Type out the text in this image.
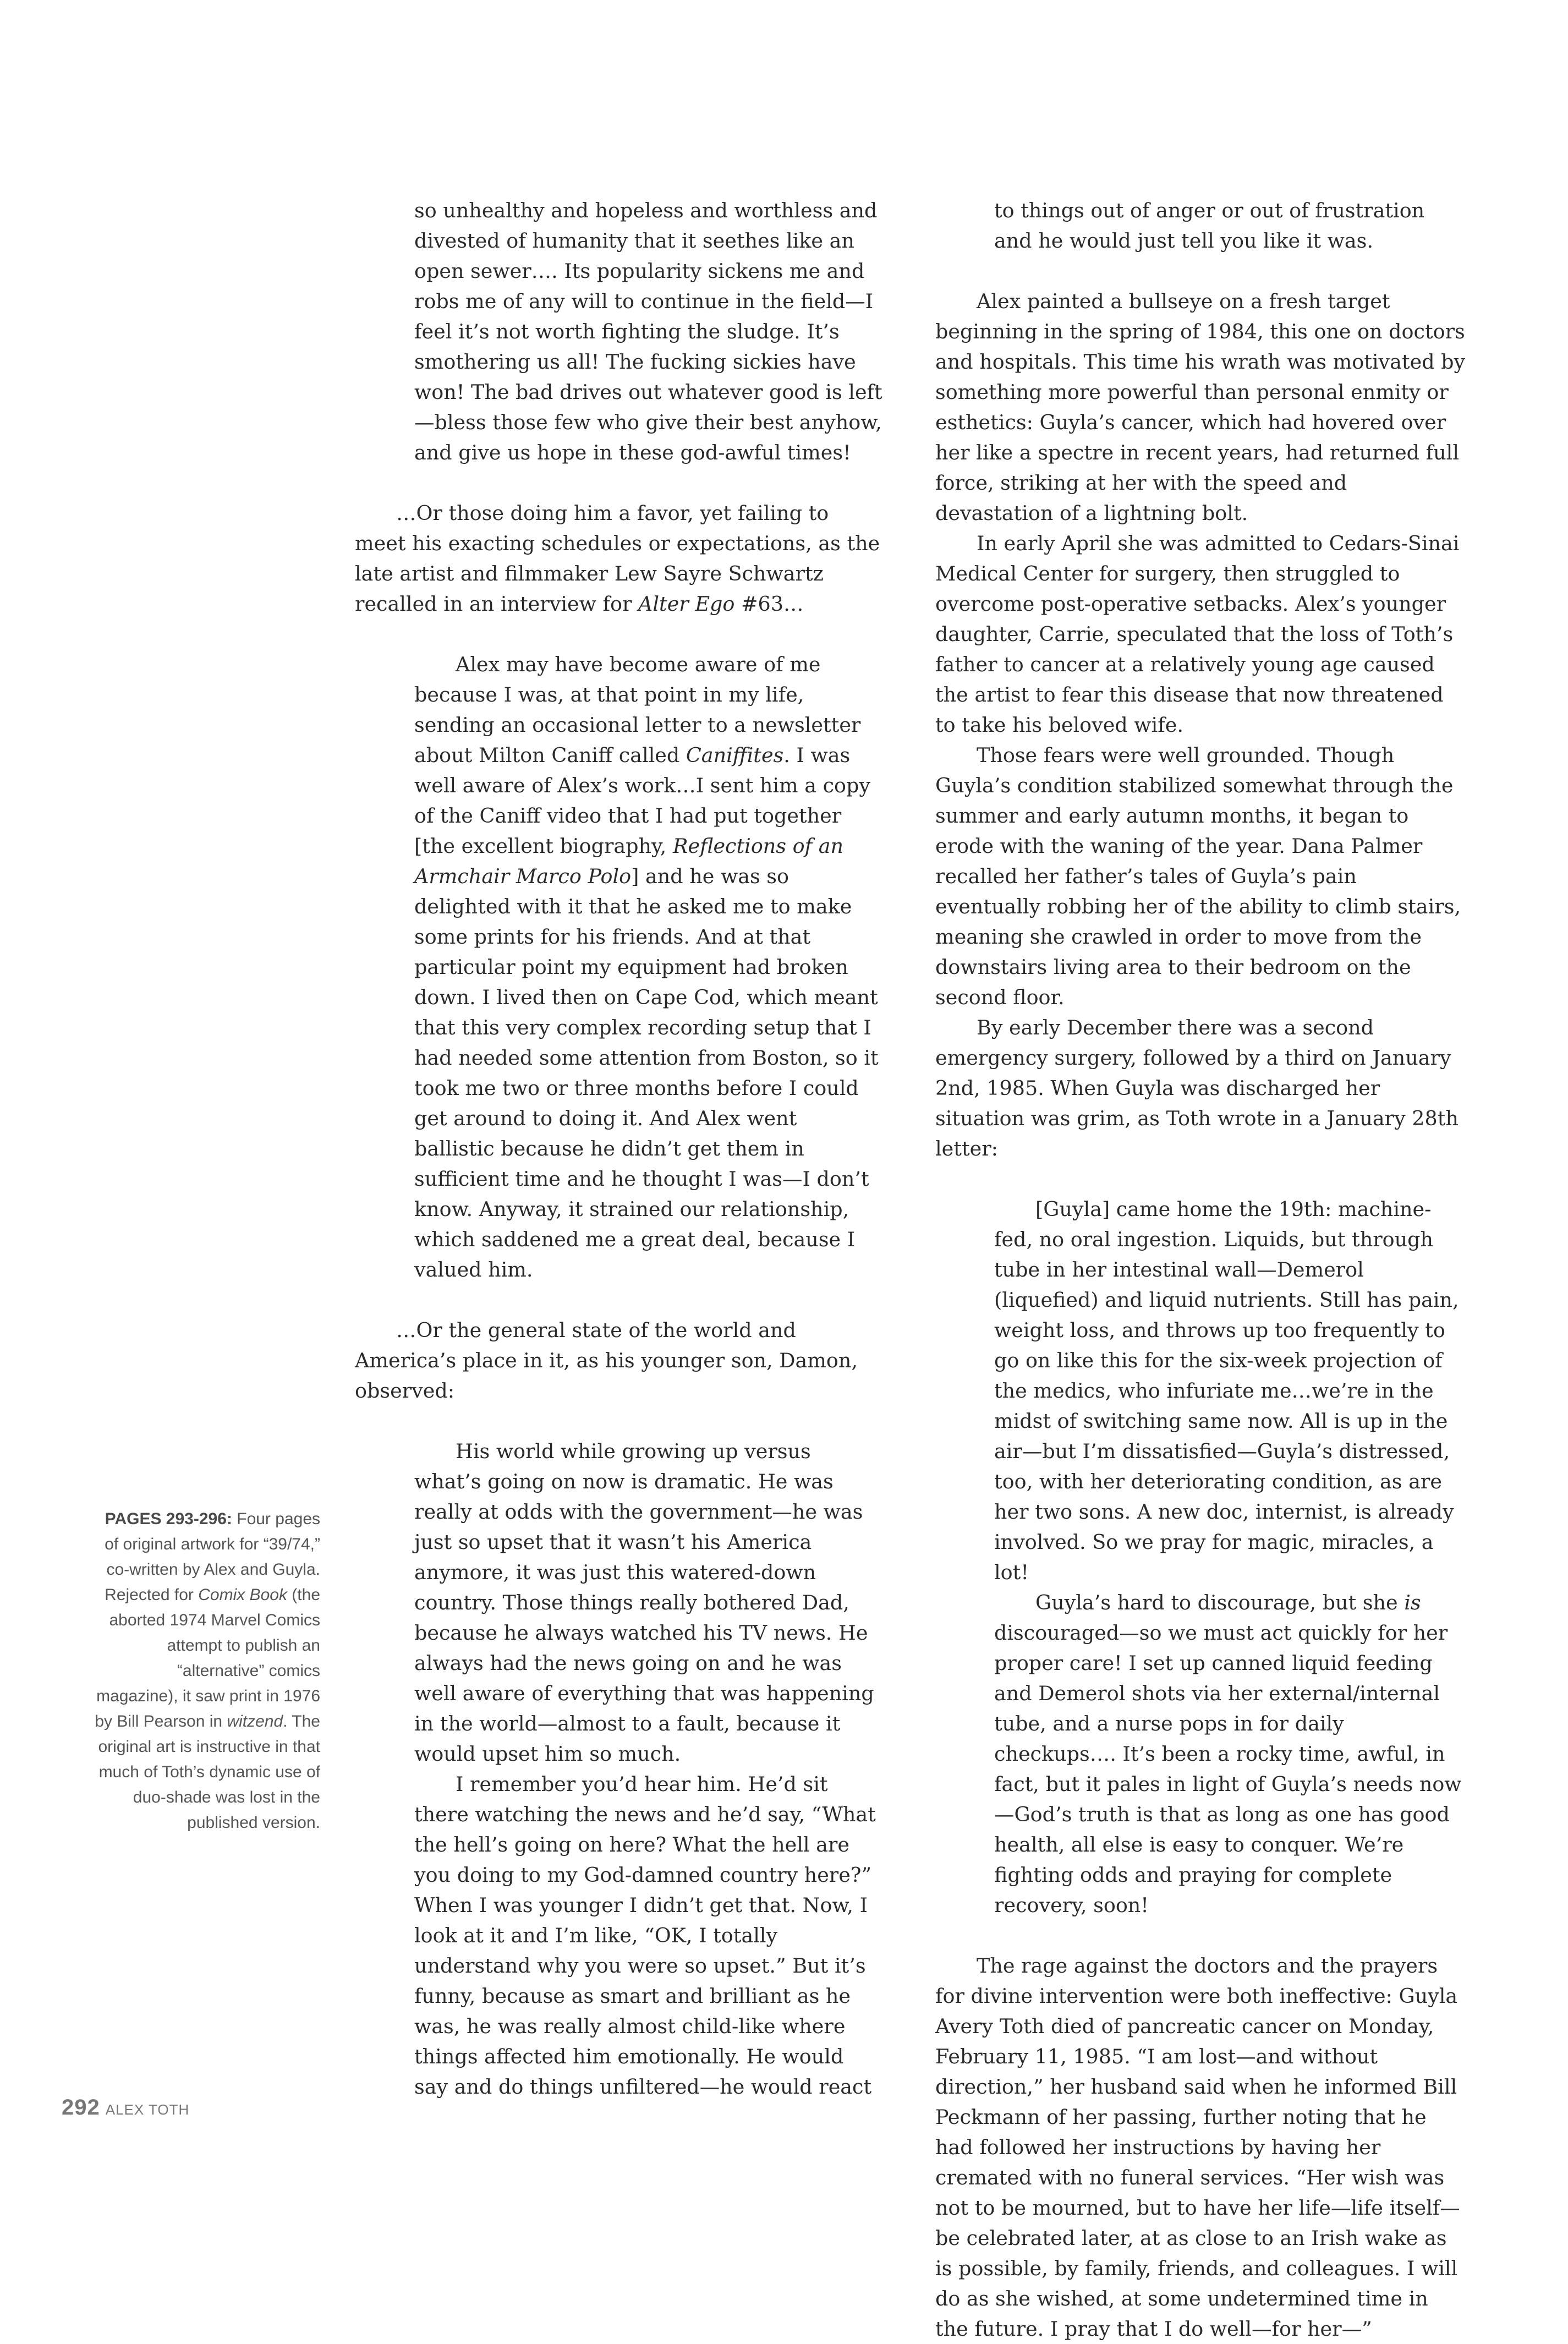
so unhealthy and hopeless and worthless and divested of humanity that it seethes like an open sewer…. Its popularity sickens me and robs me of any will to continue in the field—I feel it’s not worth fighting the sludge. It’s smothering us all! The fucking sickies have won! The bad drives out whatever good is left—bless those few who give their best anyhow, and give us hope in these god-awful times!

…Or those doing him a favor, yet failing to meet his exacting schedules or expectations, as the late artist and filmmaker Lew Sayre Schwartz recalled in an interview for Alter Ego #63…

Alex may have become aware of me because I was, at that point in my life, sending an occasional letter to a newsletter about Milton Caniff called Caniffites. I was well aware of Alex’s work…I sent him a copy of the Caniff video that I had put together [the excellent biography, Reflections of an Armchair Marco Polo] and he was so delighted with it that he asked me to make some prints for his friends. And at that particular point my equipment had broken down. I lived then on Cape Cod, which meant that this very complex recording setup that I had needed some attention from Boston, so it took me two or three months before I could get around to doing it. And Alex went ballistic because he didn’t get them in sufficient time and he thought I was—I don’t know. Anyway, it strained our relationship, which saddened me a great deal, because I valued him.

…Or the general state of the world and America’s place in it, as his younger son, Damon, observed:

His world while growing up versus what’s going on now is dramatic. He was really at odds with the government—he was just so upset that it wasn’t his America anymore, it was just this watered-down country. Those things really bothered Dad, because he always watched his TV news. He always had the news going on and he was well aware of everything that was happening in the world—almost to a fault, because it would upset him so much.

I remember you’d hear him. He’d sit there watching the news and he’d say, “What the hell’s going on here? What the hell are you doing to my God-damned country here?” When I was younger I didn’t get that. Now, I look at it and I’m like, “OK, I totally understand why you were so upset.” But it’s funny, because as smart and brilliant as he was, he was really almost child-like where things affected him emotionally. He would say and do things unfiltered—he would react

to things out of anger or out of frustration and he would just tell you like it was.

Alex painted a bullseye on a fresh target beginning in the spring of 1984, this one on doctors and hospitals. This time his wrath was motivated by something more powerful than personal enmity or esthetics: Guyla’s cancer, which had hovered over her like a spectre in recent years, had returned full force, striking at her with the speed and devastation of a lightning bolt.

In early April she was admitted to Cedars-Sinai Medical Center for surgery, then struggled to overcome post-operative setbacks. Alex’s younger daughter, Carrie, speculated that the loss of Toth’s father to cancer at a relatively young age caused the artist to fear this disease that now threatened to take his beloved wife.

Those fears were well grounded. Though Guyla’s condition stabilized somewhat through the summer and early autumn months, it began to erode with the waning of the year. Dana Palmer recalled her father’s tales of Guyla’s pain eventually robbing her of the ability to climb stairs, meaning she crawled in order to move from the downstairs living area to their bedroom on the second floor.

By early December there was a second emergency surgery, followed by a third on January 2nd, 1985. When Guyla was discharged her situation was grim, as Toth wrote in a January 28th letter:

[Guyla] came home the 19th: machine-fed, no oral ingestion. Liquids, but through tube in her intestinal wall—Demerol (liquefied) and liquid nutrients. Still has pain, weight loss, and throws up too frequently to go on like this for the six-week projection of the medics, who infuriate me…we’re in the midst of switching same now. All is up in the air—but I’m dissatisfied—Guyla’s distressed, too, with her deteriorating condition, as are her two sons. A new doc, internist, is already involved. So we pray for magic, miracles, a lot!

Guyla’s hard to discourage, but she is discouraged—so we must act quickly for her proper care! I set up canned liquid feeding and Demerol shots via her external/internal tube, and a nurse pops in for daily checkups…. It’s been a rocky time, awful, in fact, but it pales in light of Guyla’s needs now—God’s truth is that as long as one has good health, all else is easy to conquer. We’re fighting odds and praying for complete recovery, soon!

The rage against the doctors and the prayers for divine intervention were both ineffective: Guyla Avery Toth died of pancreatic cancer on Monday, February 11, 1985. “I am lost—and without direction,” her husband said when he informed Bill Peckmann of her passing, further noting that he had followed her instructions by having her cremated with no funeral services. “Her wish was not to be mourned, but to have her life—life itself—be celebrated later, at as close to an Irish wake as is possible, by family, friends, and colleagues. I will do as she wished, at some undetermined time in the future. I pray that I do well—for her—”

PAGES 293-296: Four pages of original artwork for “39/74,” co-written by Alex and Guyla. Rejected for Comix Book (the aborted 1974 Marvel Comics attempt to publish an “alternative” comics magazine), it saw print in 1976 by Bill Pearson in witzend. The original art is instructive in that much of Toth’s dynamic use of duo-shade was lost in the published version.
292 ALEX TOTH
